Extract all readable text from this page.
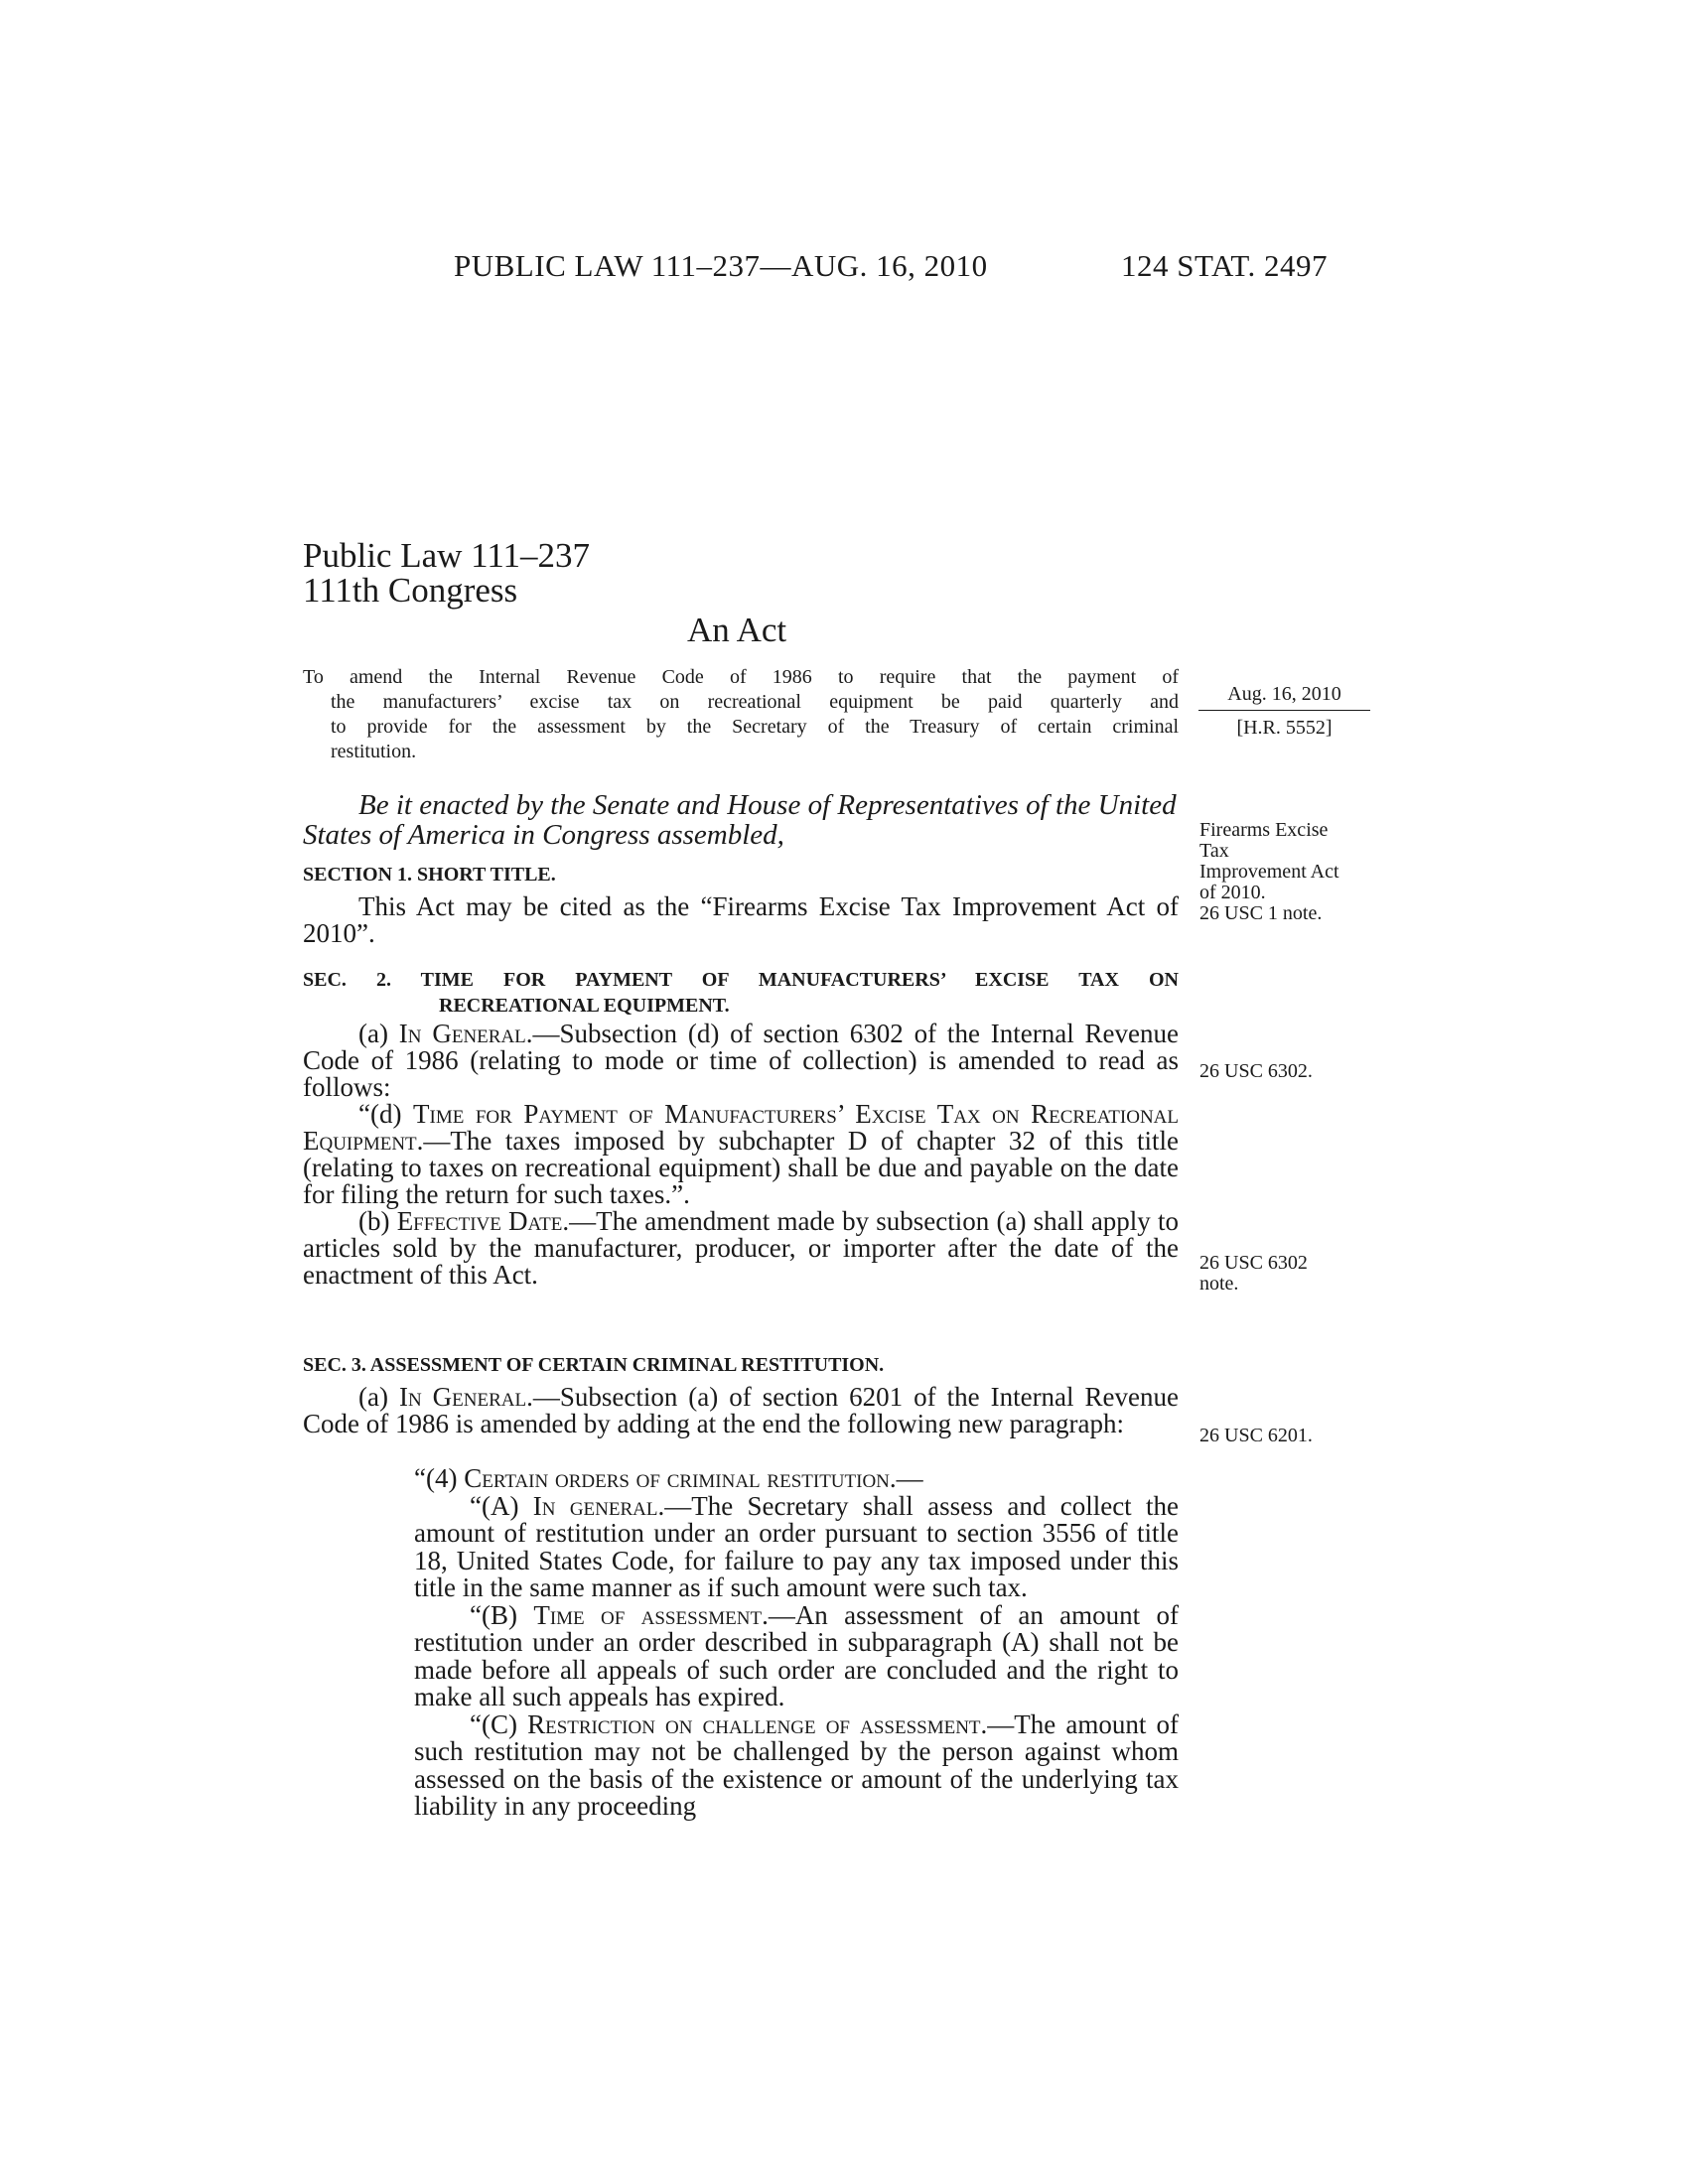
PUBLIC LAW 111–237—AUG. 16, 2010	124 STAT. 2497
Public Law 111–237
111th Congress
An Act
To amend the Internal Revenue Code of 1986 to require that the payment of
the manufacturers’ excise tax on recreational equipment be paid quarterly and
to provide for the assessment by the Secretary of the Treasury of certain criminal
restitution.
Aug. 16, 2010
[H.R. 5552]

Be it enacted by the Senate and House of Representatives of the United States of America in Congress assembled,

SECTION 1. SHORT TITLE.

This Act may be cited as the “Firearms Excise Tax Improvement Act of 2010”.

Firearms Excise
Tax
Improvement Act
of 2010.
26 USC 1 note.
SEC. 2. TIME FOR PAYMENT OF MANUFACTURERS’ EXCISE TAX ON
RECREATIONAL EQUIPMENT.

(a) In General.—Subsection (d) of section 6302 of the Internal Revenue Code of 1986 (relating to mode or time of collection) is amended to read as follows:

“(d) Time for Payment of Manufacturers’ Excise Tax on Recreational Equipment.—The taxes imposed by subchapter D of chapter 32 of this title (relating to taxes on recreational equipment) shall be due and payable on the date for filing the return for such taxes.”.

(b) Effective Date.—The amendment made by subsection (a) shall apply to articles sold by the manufacturer, producer, or importer after the date of the enactment of this Act.

26 USC 6302.
26 USC 6302
note.
SEC. 3. ASSESSMENT OF CERTAIN CRIMINAL RESTITUTION.

(a) In General.—Subsection (a) of section 6201 of the Internal Revenue Code of 1986 is amended by adding at the end the following new paragraph:	26 USC 6201.

“(4) Certain orders of criminal restitution.—

“(A) In general.—The Secretary shall assess and collect the amount of restitution under an order pursuant to section 3556 of title 18, United States Code, for failure to pay any tax imposed under this title in the same manner as if such amount were such tax.

“(B) Time of assessment.—An assessment of an amount of restitution under an order described in subparagraph (A) shall not be made before all appeals of such order are concluded and the right to make all such appeals has expired.

“(C) Restriction on challenge of assessment.—The amount of such restitution may not be challenged by the person against whom assessed on the basis of the existence or amount of the underlying tax liability in any proceeding
